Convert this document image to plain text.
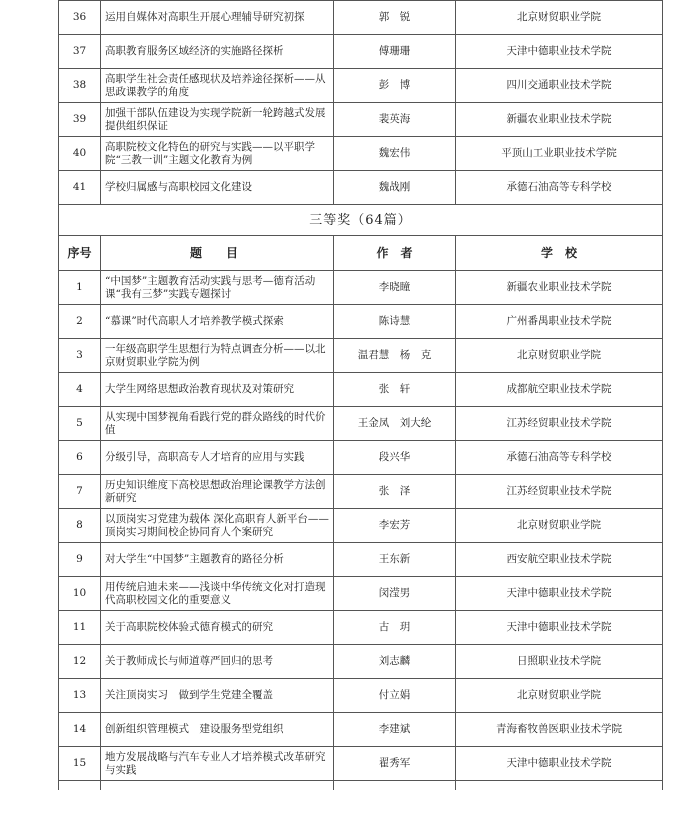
36	运用自媒体对高职生开展心理辅导研究初探	郭　锐	北京财贸职业学院
37	高职教育服务区域经济的实施路径探析	傅珊珊	天津中德职业技术学院
38	高职学生社会责任感现状及培养途径探析——从思政课教学的角度	彭　博	四川交通职业技术学院
39	加强干部队伍建设为实现学院新一轮跨越式发展提供组织保证	裴英海	新疆农业职业技术学院
40	高职院校文化特色的研究与实践——以平职学院“三教一训”主题文化教育为例	魏宏伟	平顶山工业职业技术学院
41	学校归属感与高职校园文化建设	魏战刚	承德石油高等专科学校
三等奖（64篇）			
序号	题　目	作　者	学　校
1	“中国梦”主题教育活动实践与思考—德育活动课“我有三梦”实践专题探讨	李晓瞳	新疆农业职业技术学院
2	“慕课”时代高职人才培养教学模式探索	陈诗慧	广州番禺职业技术学院
3	一年级高职学生思想行为特点调查分析——以北京财贸职业学院为例	温君慧　杨　克	北京财贸职业学院
4	大学生网络思想政治教育现状及对策研究	张　轩	成都航空职业技术学院
5	从实现中国梦视角看践行党的群众路线的时代价值	王金凤　刘大纶	江苏经贸职业技术学院
6	分级引导，高职高专人才培育的应用与实践	段兴华	承德石油高等专科学校
7	历史知识维度下高校思想政治理论课教学方法创新研究	张　泽	江苏经贸职业技术学院
8	以顶岗实习党建为载体 深化高职育人新平台——顶岗实习期间校企协同育人个案研究	李宏芳	北京财贸职业学院
9	对大学生“中国梦”主题教育的路径分析	王东新	西安航空职业技术学院
10	用传统启迪未来——浅谈中华传统文化对打造现代高职校园文化的重要意义	闵滢男	天津中德职业技术学院
11	关于高职院校体验式德育模式的研究	古　玥	天津中德职业技术学院
12	关于教师成长与师道尊严回归的思考	刘志麟	日照职业技术学院
13	关注顶岗实习　做到学生党建全覆盖	付立娟	北京财贸职业学院
14	创新组织管理模式　建设服务型党组织	李建斌	青海畜牧兽医职业技术学院
15	地方发展战略与汽车专业人才培养模式改革研究与实践	翟秀军	天津中德职业技术学院
